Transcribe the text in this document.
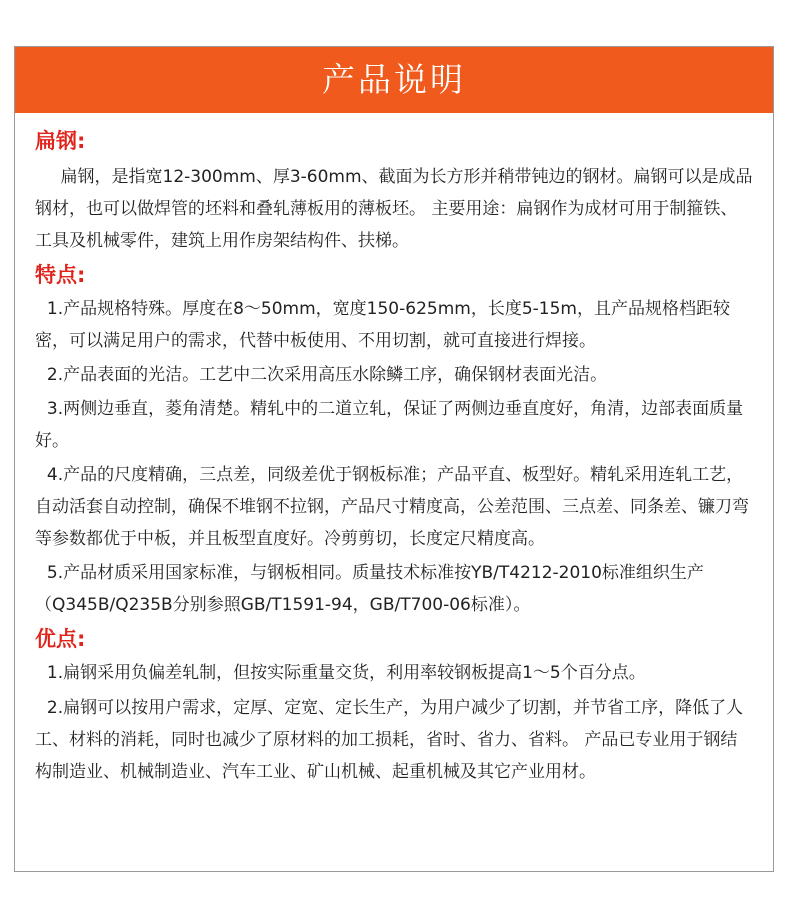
产品说明
扁钢:

扁钢，是指宽12-300mm、厚3-60mm、截面为长方形并稍带钝边的钢材。扁钢可以是成品钢材，也可以做焊管的坯料和叠轧薄板用的薄板坯。 主要用途：扁钢作为成材可用于制箍铁、工具及机械零件，建筑上用作房架结构件、扶梯。

特点:
1.产品规格特殊。厚度在8～50mm，宽度150-625mm，长度5-15m，且产品规格档距较密，可以满足用户的需求，代替中板使用、不用切割，就可直接进行焊接。
2.产品表面的光洁。工艺中二次采用高压水除鳞工序，确保钢材表面光洁。
3.两侧边垂直，菱角清楚。精轧中的二道立轧，保证了两侧边垂直度好，角清，边部表面质量好。
4.产品的尺度精确，三点差，同级差优于钢板标准；产品平直、板型好。精轧采用连轧工艺，自动活套自动控制，确保不堆钢不拉钢，产品尺寸精度高，公差范围、三点差、同条差、镰刀弯等参数都优于中板，并且板型直度好。冷剪剪切，长度定尺精度高。
5.产品材质采用国家标准，与钢板相同。质量技术标准按YB/T4212-2010标准组织生产（Q345B/Q235B分别参照GB/T1591-94，GB/T700-06标准）。
优点:
1.扁钢采用负偏差轧制，但按实际重量交货，利用率较钢板提高1～5个百分点。
2.扁钢可以按用户需求，定厚、定宽、定长生产，为用户减少了切割，并节省工序，降低了人工、材料的消耗，同时也减少了原材料的加工损耗，省时、省力、省料。 产品已专业用于钢结构制造业、机械制造业、汽车工业、矿山机械、起重机械及其它产业用材。
